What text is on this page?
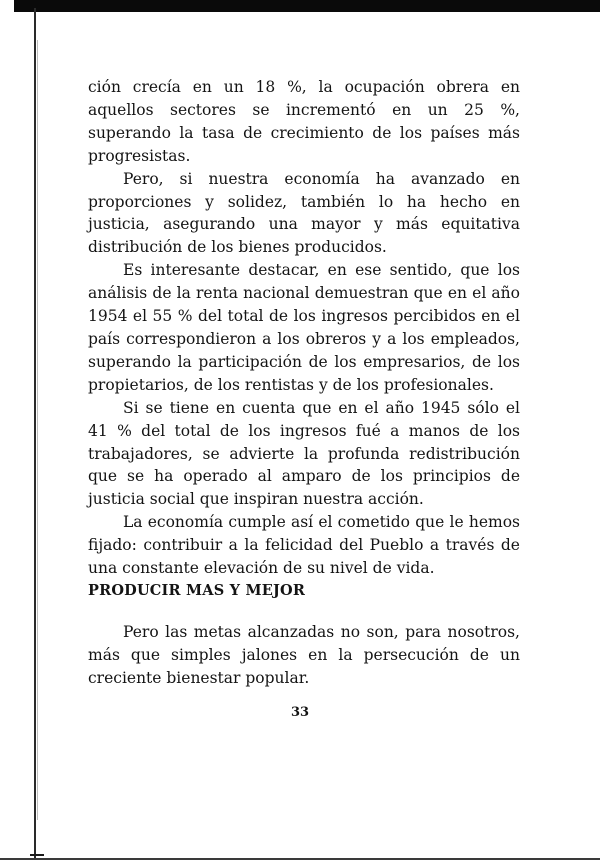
ción crecía en un 18 %, la ocupación obrera en aquellos sectores se incrementó en un 25 %, superando la tasa de crecimiento de los países más progresistas.

Pero, si nuestra economía ha avanzado en proporciones y solidez, también lo ha hecho en justicia, asegurando una mayor y más equitativa distribución de los bienes producidos.

Es interesante destacar, en ese sentido, que los análisis de la renta nacional demuestran que en el año 1954 el 55 % del total de los ingresos percibidos en el país correspondieron a los obreros y a los empleados, superando la participación de los empresarios, de los propietarios, de los rentistas y de los profesionales.

Si se tiene en cuenta que en el año 1945 sólo el 41 % del total de los ingresos fué a manos de los trabajadores, se advierte la profunda redistribución que se ha operado al amparo de los principios de justicia social que inspiran nuestra acción.

La economía cumple así el cometido que le hemos fijado: contribuir a la felicidad del Pueblo a través de una constante elevación de su nivel de vida.

PRODUCIR MAS Y MEJOR

Pero las metas alcanzadas no son, para nosotros, más que simples jalones en la persecución de un creciente bienestar popular.

33
